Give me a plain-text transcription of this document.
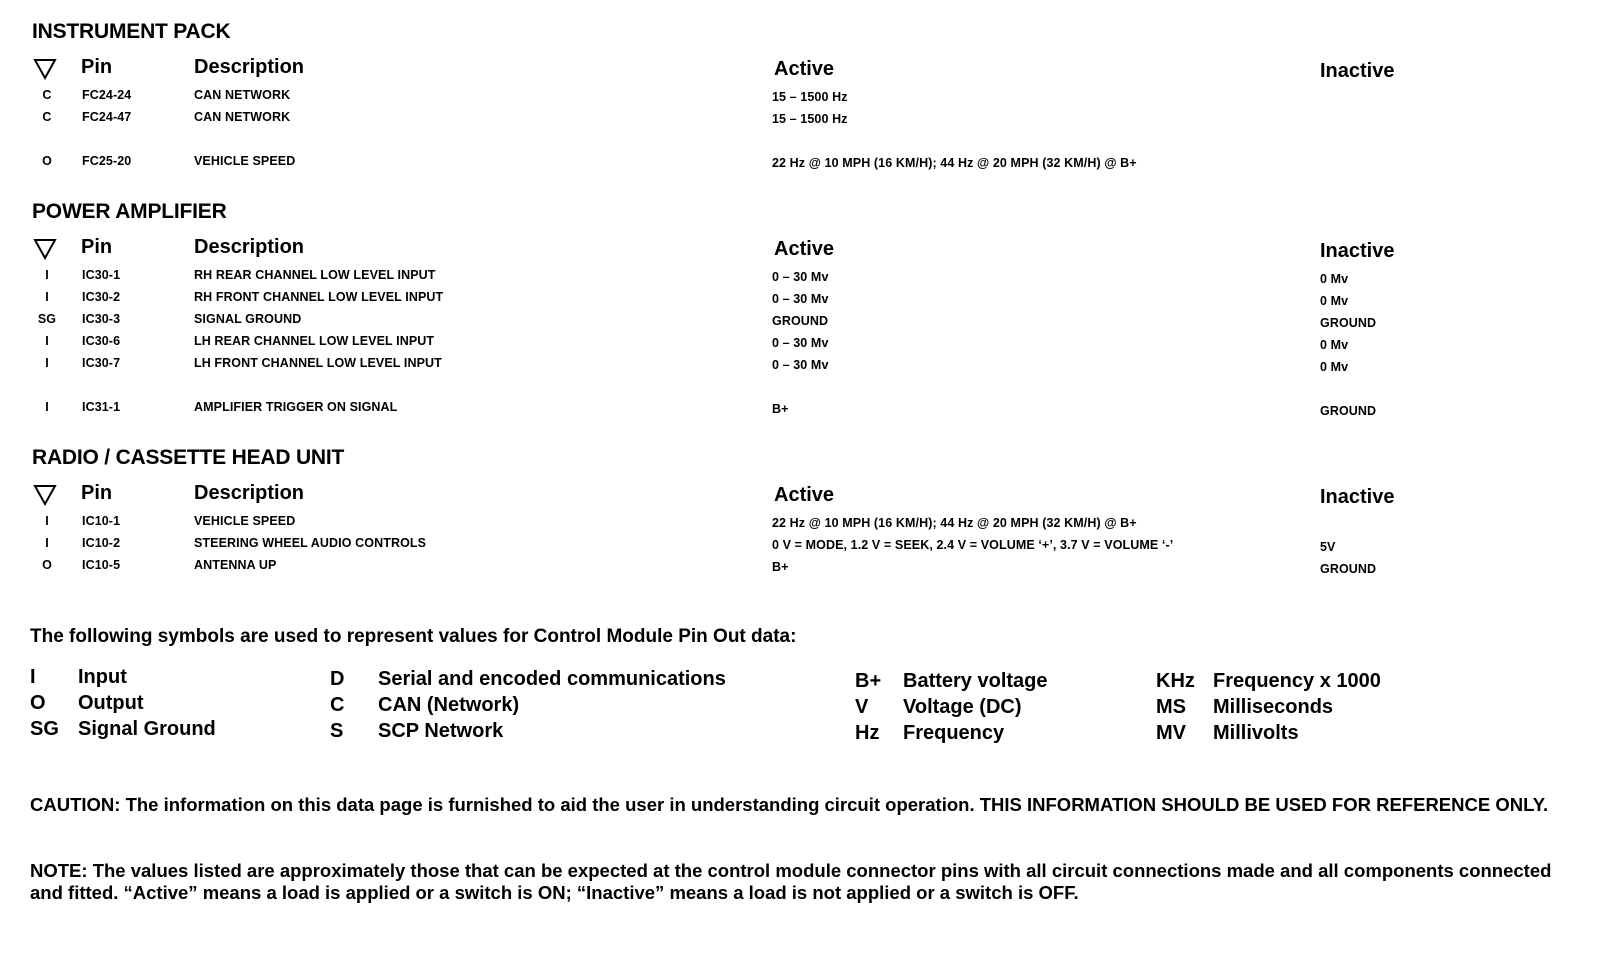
INSTRUMENT PACK
Pin	Description	Active	Inactive
C	FC24-24	CAN NETWORK	15 – 1500 Hz
C	FC24-47	CAN NETWORK	15 – 1500 Hz
O	FC25-20	VEHICLE SPEED	22 Hz @ 10 MPH (16 KM/H); 44 Hz @ 20 MPH (32 KM/H) @ B+
POWER AMPLIFIER
Pin	Description	Active	Inactive
I	IC30-1	RH REAR CHANNEL LOW LEVEL INPUT	0 – 30 Mv	0 Mv
I	IC30-2	RH FRONT CHANNEL LOW LEVEL INPUT	0 – 30 Mv	0 Mv
SG	IC30-3	SIGNAL GROUND	GROUND	GROUND
I	IC30-6	LH REAR CHANNEL LOW LEVEL INPUT	0 – 30 Mv	0 Mv
I	IC30-7	LH FRONT CHANNEL LOW LEVEL INPUT	0 – 30 Mv	0 Mv
I	IC31-1	AMPLIFIER TRIGGER ON SIGNAL	B+	GROUND
RADIO / CASSETTE HEAD UNIT
Pin	Description	Active	Inactive
I	IC10-1	VEHICLE SPEED	22 Hz @ 10 MPH (16 KM/H); 44 Hz @ 20 MPH (32 KM/H) @ B+
I	IC10-2	STEERING WHEEL AUDIO CONTROLS	0 V = MODE, 1.2 V = SEEK, 2.4 V = VOLUME ‘+’, 3.7 V = VOLUME ‘-’	5V
O	IC10-5	ANTENNA UP	B+	GROUND
The following symbols are used to represent values for Control Module Pin Out data:
I Input
O Output
SG Signal Ground
D Serial and encoded communications
C CAN (Network)
S SCP Network
B+ Battery voltage
V Voltage (DC)
Hz Frequency
KHz Frequency x 1000
MS Milliseconds
MV Millivolts
CAUTION: The information on this data page is furnished to aid the user in understanding circuit operation. THIS INFORMATION SHOULD BE USED FOR REFERENCE ONLY.
NOTE: The values listed are approximately those that can be expected at the control module connector pins with all circuit connections made and all components connected and fitted. “Active” means a load is applied or a switch is ON; “Inactive” means a load is not applied or a switch is OFF.
